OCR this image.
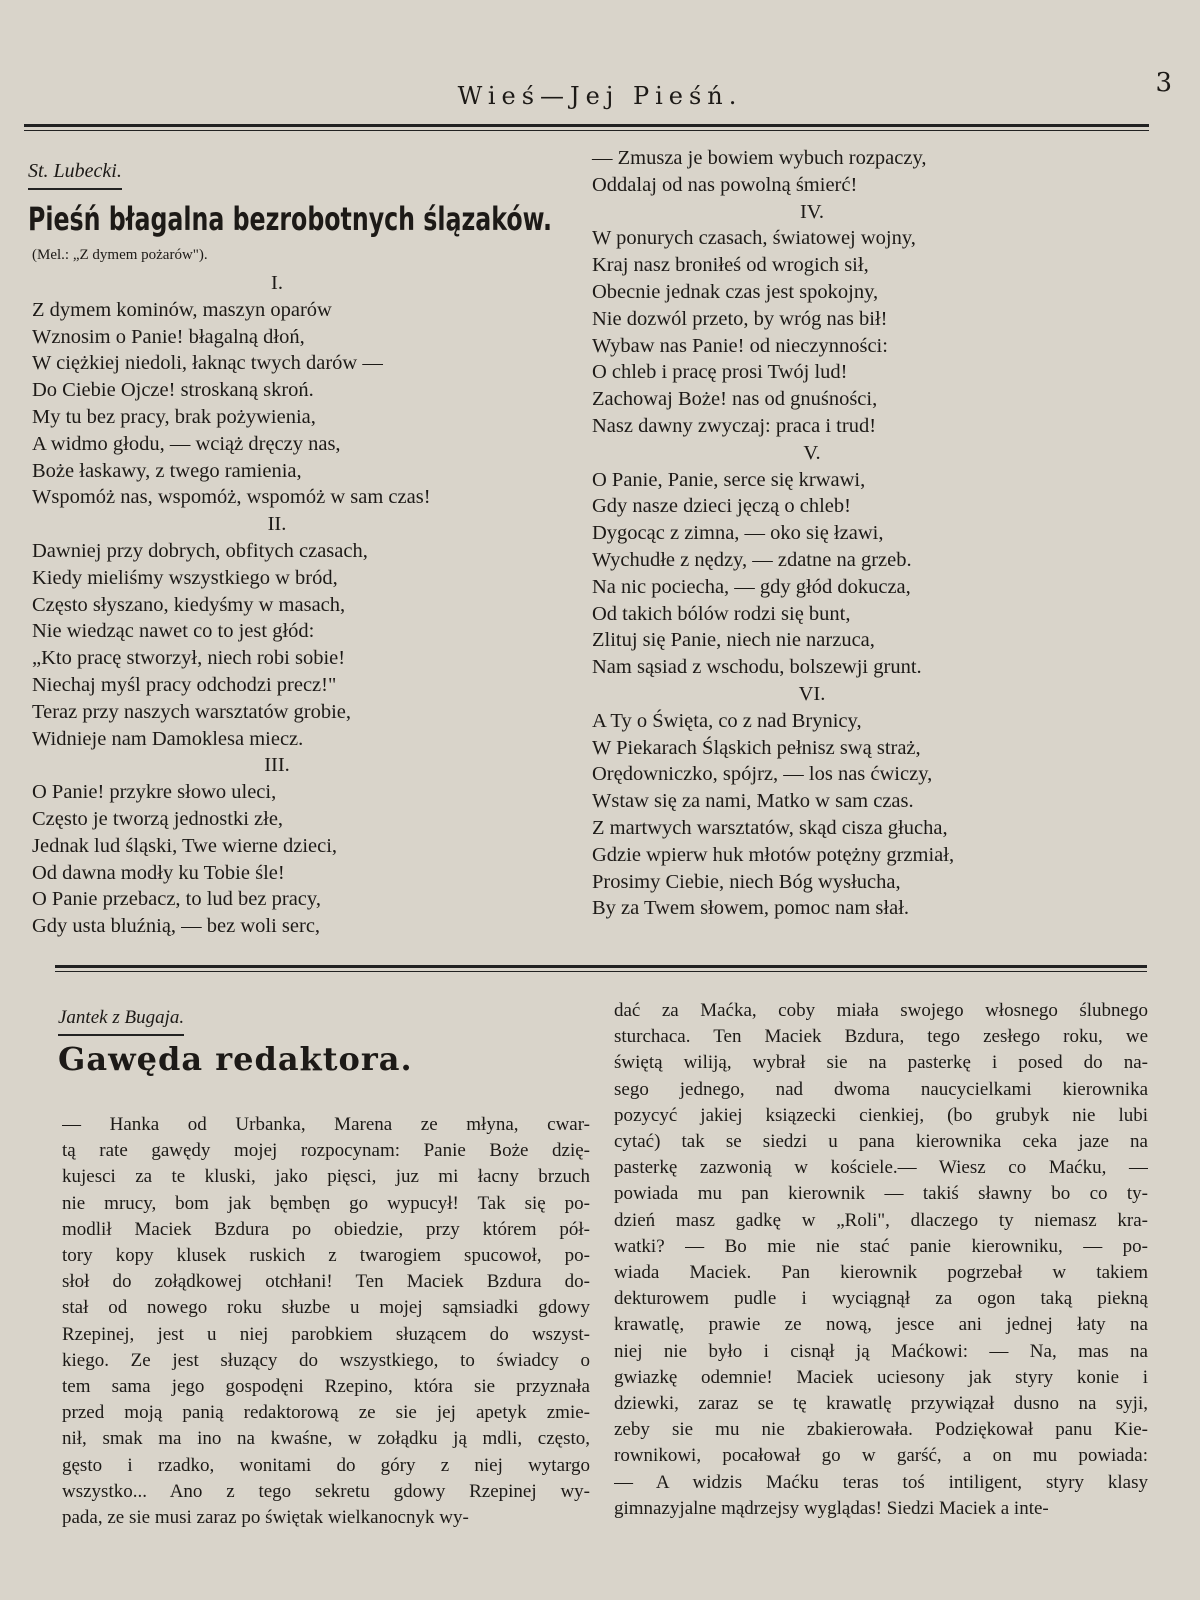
Wieś—Jej Pieśń.	3
St. Lubecki.
Pieśń błagalna bezrobotnych ślązaków.
(Mel.: „Z dymem pożarów").
I.
Z dymem kominów, maszyn oparów
Wznosim o Panie! błagalną dłoń,
W ciężkiej niedoli, łaknąc twych darów —
Do Ciebie Ojcze! stroskaną skroń.
My tu bez pracy, brak pożywienia,
A widmo głodu, — wciąż dręczy nas,
Boże łaskawy, z twego ramienia,
Wspomóż nas, wspomóż, wspomóż w sam czas!
II.
Dawniej przy dobrych, obfitych czasach,
Kiedy mieliśmy wszystkiego w bród,
Często słyszano, kiedyśmy w masach,
Nie wiedząc nawet co to jest głód:
„Kto pracę stworzył, niech robi sobie!
Niechaj myśl pracy odchodzi precz!"
Teraz przy naszych warsztatów grobie,
Widnieje nam Damoklesa miecz.
III.
O Panie! przykre słowo uleci,
Często je tworzą jednostki złe,
Jednak lud śląski, Twe wierne dzieci,
Od dawna modły ku Tobie śle!
O Panie przebacz, to lud bez pracy,
Gdy usta bluźnią, — bez woli serc,
— Zmusza je bowiem wybuch rozpaczy,
Oddalaj od nas powolną śmierć!
IV.
W ponurych czasach, światowej wojny,
Kraj nasz broniłeś od wrogich sił,
Obecnie jednak czas jest spokojny,
Nie dozwól przeto, by wróg nas bił!
Wybaw nas Panie! od nieczynności:
O chleb i pracę prosi Twój lud!
Zachowaj Boże! nas od gnuśności,
Nasz dawny zwyczaj: praca i trud!
V.
O Panie, Panie, serce się krwawi,
Gdy nasze dzieci jęczą o chleb!
Dygocąc z zimna, — oko się łzawi,
Wychudłe z nędzy, — zdatne na grzeb.
Na nic pociecha, — gdy głód dokucza,
Od takich bólów rodzi się bunt,
Zlituj się Panie, niech nie narzuca,
Nam sąsiad z wschodu, bolszewji grunt.
VI.
A Ty o Święta, co z nad Brynicy,
W Piekarach Śląskich pełnisz swą straż,
Orędowniczko, spójrz, — los nas ćwiczy,
Wstaw się za nami, Matko w sam czas.
Z martwych warsztatów, skąd cisza głucha,
Gdzie wpierw huk młotów potężny grzmiał,
Prosimy Ciebie, niech Bóg wysłucha,
By za Twem słowem, pomoc nam słał.
Jantek z Bugaja.
Gawęda redaktora.
— Hanka od Urbanka, Marena ze młyna, cwar-
tą rate gawędy mojej rozpocynam: Panie Boże dzię-
kujesci za te kluski, jako pięsci, juz mi łacny brzuch
nie mrucy, bom jak bęmbęn go wypucył! Tak się po-
modlił Maciek Bzdura po obiedzie, przy którem pół-
tory kopy klusek ruskich z twarogiem spucowoł, po-
słoł do zołądkowej otchłani! Ten Maciek Bzdura do-
stał od nowego roku słuzbe u mojej sąmsiadki gdowy
Rzepinej, jest u niej parobkiem słuzącem do wszyst-
kiego. Ze jest słuzący do wszystkiego, to świadcy o
tem sama jego gospodęni Rzepino, która sie przyznała
przed moją panią redaktorową ze sie jej apetyk zmie-
nił, smak ma ino na kwaśne, w zołądku ją mdli, często,
gęsto i rzadko, wonitami do góry z niej wytargo
wszystko... Ano z tego sekretu gdowy Rzepinej wy-
pada, ze sie musi zaraz po świętak wielkanocnyk wy-
dać za Maćka, coby miała swojego włosnego ślubnego
sturchaca. Ten Maciek Bzdura, tego zesłego roku, we
świętą wiliją, wybrał sie na pasterkę i posed do na-
sego jednego, nad dwoma naucycielkami kierownika
pozycyć jakiej ksiązecki cienkiej, (bo grubyk nie lubi
cytać) tak se siedzi u pana kierownika ceka jaze na
pasterkę zazwonią w kościele.— Wiesz co Maćku, —
powiada mu pan kierownik — takiś sławny bo co ty-
dzień masz gadkę w „Roli", dlaczego ty niemasz kra-
watki? — Bo mie nie stać panie kierowniku, — po-
wiada Maciek. Pan kierownik pogrzebał w takiem
dekturowem pudle i wyciągnął za ogon taką piekną
krawatlę, prawie ze nową, jesce ani jednej łaty na
niej nie było i cisnął ją Maćkowi: — Na, mas na
gwiazkę odemnie! Maciek uciesony jak styry konie i
dziewki, zaraz se tę krawatlę przywiązał dusno na syji,
zeby sie mu nie zbakierowała. Podziękował panu Kie-
rownikowi, pocałował go w garść, a on mu powiada:
— A widzis Maćku teras toś intiligent, styry klasy
gimnazyjalne mądrzejsy wyglądas! Siedzi Maciek a inte-
